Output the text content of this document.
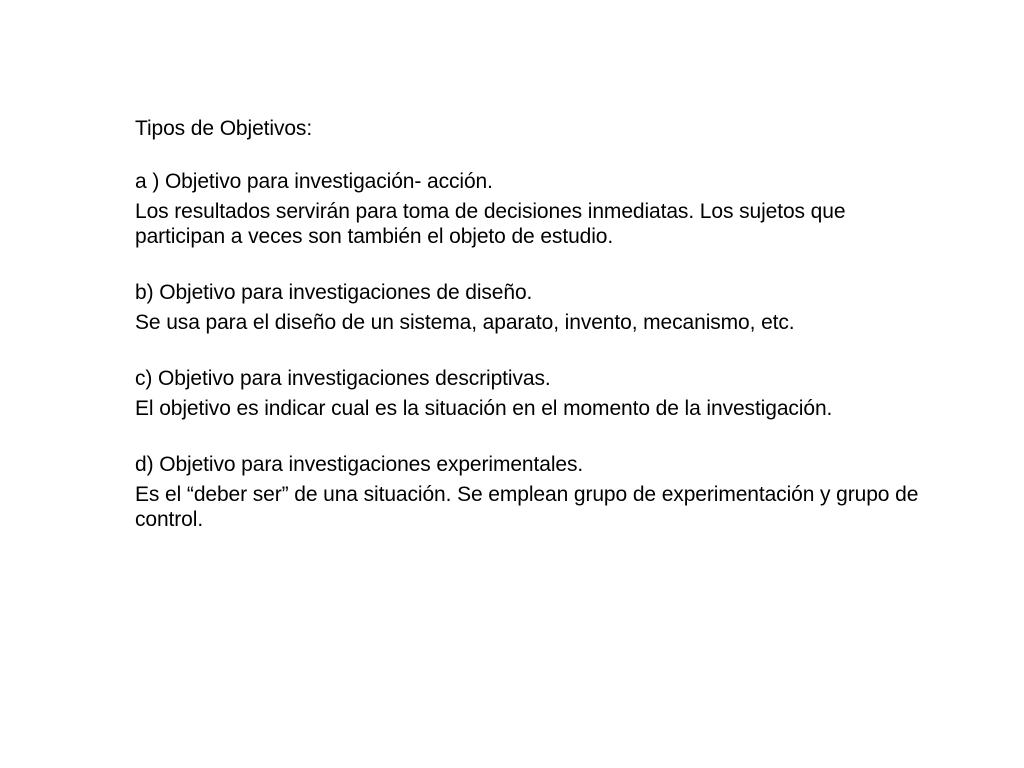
Tipos de Objetivos:
a ) Objetivo para investigación- acción.
Los resultados servirán para toma de decisiones inmediatas. Los sujetos que participan a veces son también el objeto de estudio.
b) Objetivo para investigaciones de diseño.
Se usa para el diseño de un sistema, aparato, invento, mecanismo, etc.
c) Objetivo para investigaciones descriptivas.
El objetivo es indicar cual es la situación en el momento de la investigación.
d) Objetivo para investigaciones experimentales.
Es el “deber ser” de una situación. Se emplean grupo de experimentación y grupo de control.
